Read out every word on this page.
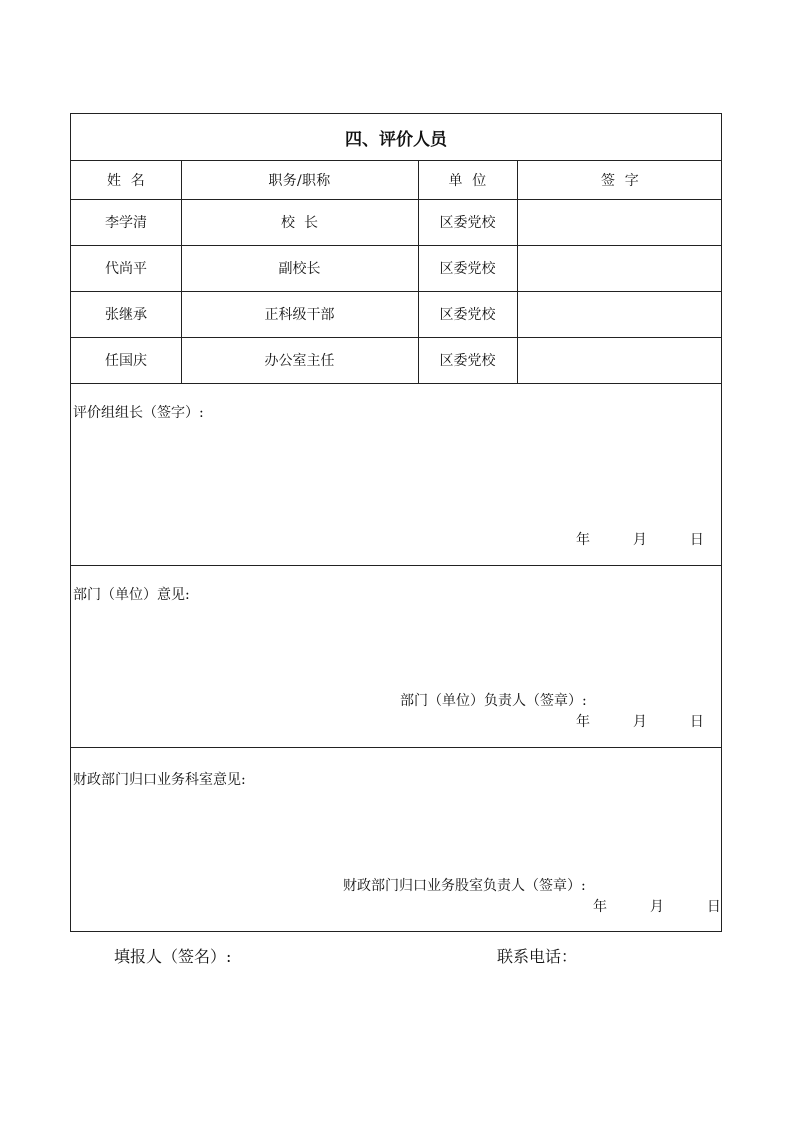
四、评价人员
姓  名	职务/职称	单  位	签  字
李学清	校  长	区委党校
代尚平	副校长	区委党校
张继承	正科级干部	区委党校
任国庆	办公室主任	区委党校
评价组组长（签字）:
年	月	日
部门（单位）意见:
部门（单位）负责人（签章）:
年	月	日
财政部门归口业务科室意见:
财政部门归口业务股室负责人（签章）:
年	月	日
填报人（签名）:	联系电话：
